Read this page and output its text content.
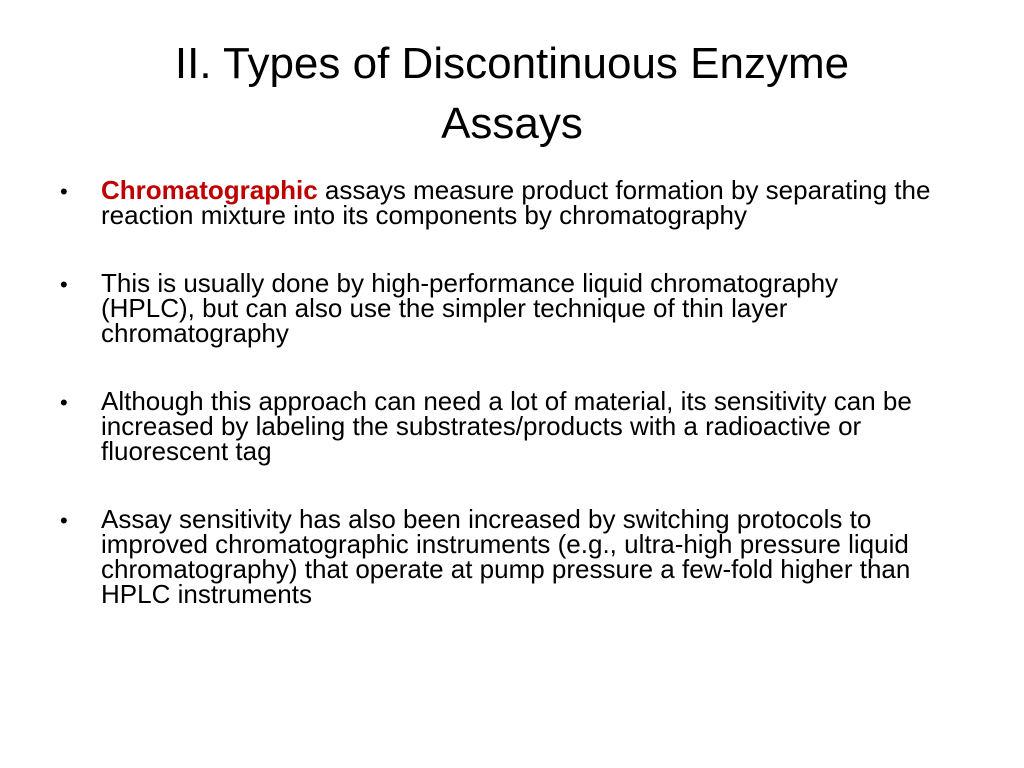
II. Types of Discontinuous Enzyme
Assays
• Chromatographic assays measure product formation by separating the reaction mixture into its components by chromatography
• This is usually done by high-performance liquid chromatography (HPLC), but can also use the simpler technique of thin layer chromatography
• Although this approach can need a lot of material, its sensitivity can be increased by labeling the substrates/products with a radioactive or fluorescent tag
• Assay sensitivity has also been increased by switching protocols to improved chromatographic instruments (e.g., ultra-high pressure liquid chromatography) that operate at pump pressure a few-fold higher than HPLC instruments
